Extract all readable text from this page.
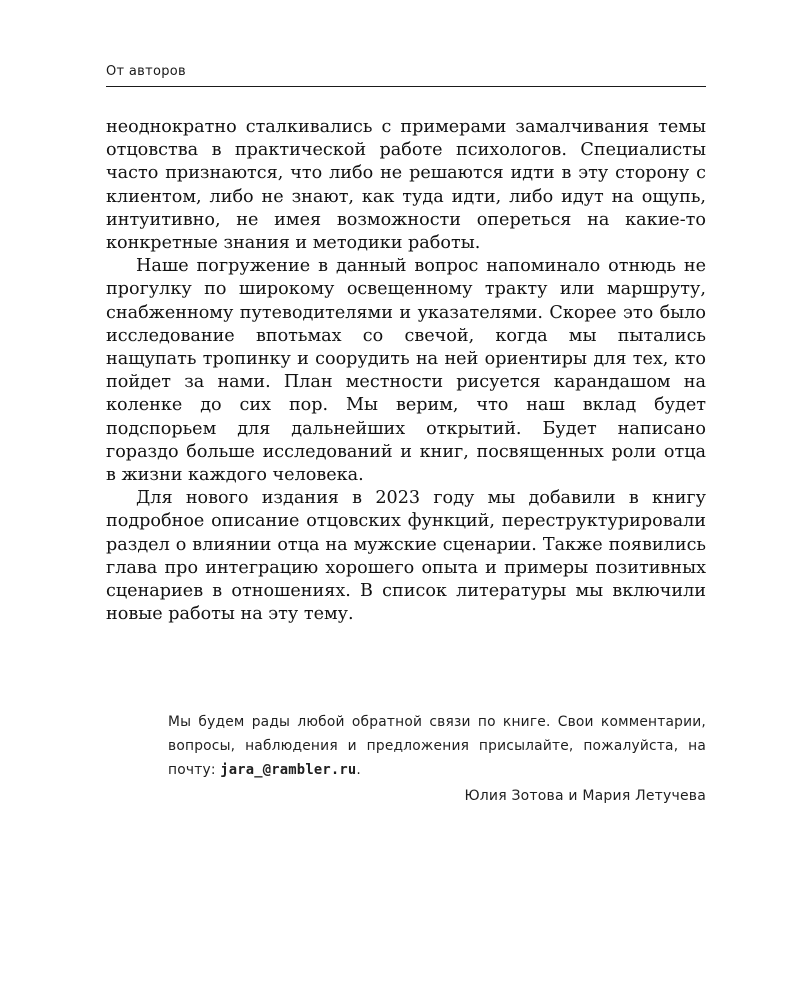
От авторов

неоднократно сталкивались с примерами замалчивания темы отцовства в практической работе психологов. Специалисты часто признаются, что либо не решаются идти в эту сторону с клиентом, либо не знают, как туда идти, либо идут на ощупь, интуитивно, не имея возможности опереться на какие-то конкретные знания и методики работы.

Наше погружение в данный вопрос напоминало отнюдь не прогулку по широкому освещенному тракту или маршруту, снабженному путеводителями и указателями. Скорее это было исследование впотьмах со свечой, когда мы пытались нащупать тропинку и соорудить на ней ориентиры для тех, кто пойдет за нами. План местности рисуется карандашом на коленке до сих пор. Мы верим, что наш вклад будет подспорьем для дальнейших открытий. Будет написано гораздо больше исследований и книг, посвященных роли отца в жизни каждого человека.

Для нового издания в 2023 году мы добавили в книгу подробное описание отцовских функций, переструктурировали раздел о влиянии отца на мужские сценарии. Также появились глава про интеграцию хорошего опыта и примеры позитивных сценариев в отношениях. В список литературы мы включили новые работы на эту тему.

Мы будем рады любой обратной связи по книге. Свои комментарии, вопросы, наблюдения и предложения присылайте, пожалуйста, на почту: jara_@rambler.ru.
Юлия Зотова и Мария Летучева
